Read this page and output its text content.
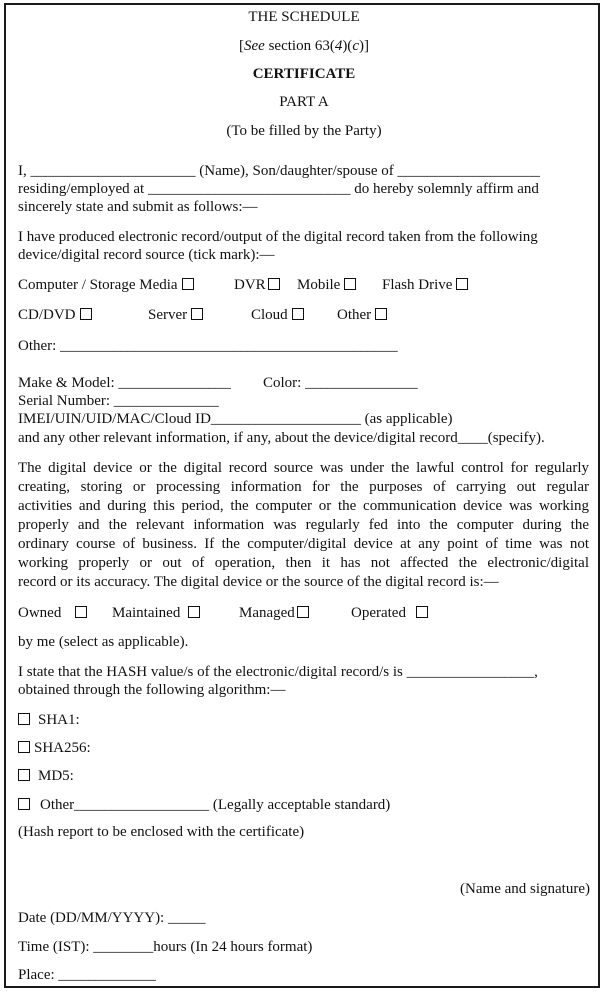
THE SCHEDULE
[See section 63(4)(c)]
CERTIFICATE
PART A
(To be filled by the Party)
I, ______________________ (Name), Son/daughter/spouse of ___________________
residing/employed at ___________________________ do hereby solemnly affirm and
sincerely state and submit as follows:—
I have produced electronic record/output of the digital record taken from the following
device/digital record source (tick mark):—
Computer / Storage Media	DVR	Mobile	Flash Drive
CD/DVD	Server	Cloud	Other
Other: _____________________________________________
Make & Model: _______________ Color: _______________
Serial Number: ______________
IMEI/UIN/UID/MAC/Cloud ID____________________ (as applicable)
and any other relevant information, if any, about the device/digital record____(specify).
The digital device or the digital record source was under the lawful control for regularly
creating, storing or processing information for the purposes of carrying out regular
activities and during this period, the computer or the communication device was working
properly and the relevant information was regularly fed into the computer during the
ordinary course of business. If the computer/digital device at any point of time was not
working properly or out of operation, then it has not affected the electronic/digital
record or its accuracy. The digital device or the source of the digital record is:—
Owned	Maintained	Managed	Operated
by me (select as applicable).
I state that the HASH value/s of the electronic/digital record/s is _________________,
obtained through the following algorithm:—
SHA1:
SHA256:
MD5:
Other__________________ (Legally acceptable standard)
(Hash report to be enclosed with the certificate)
(Name and signature)
Date (DD/MM/YYYY): _____
Time (IST): ________hours (In 24 hours format)
Place: _____________
